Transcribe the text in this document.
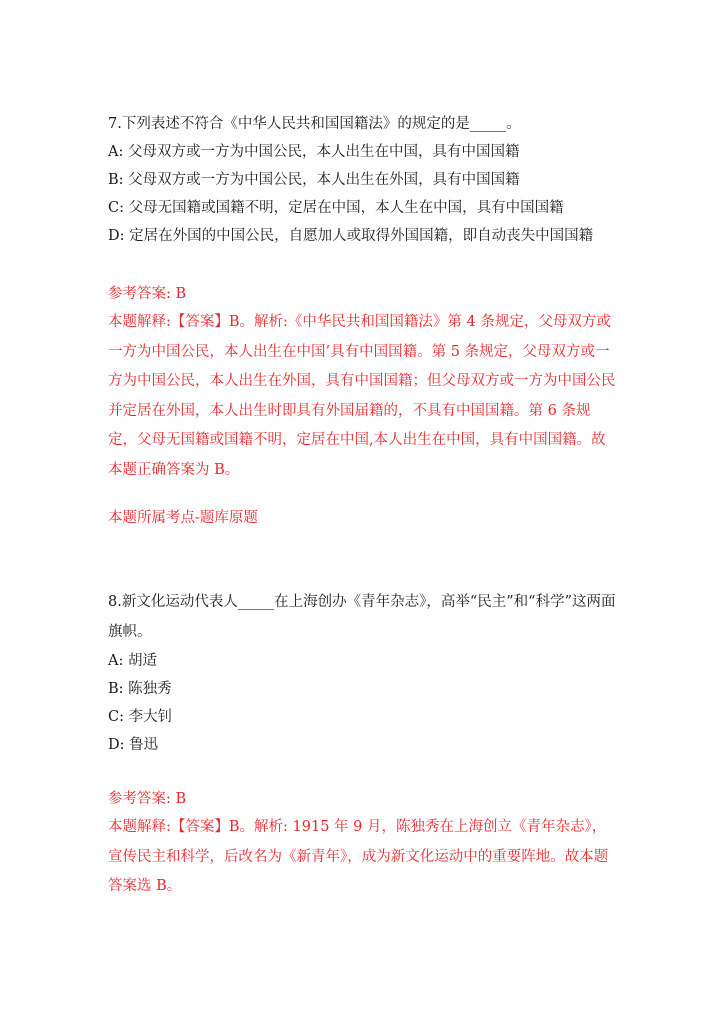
7.下列表述不符合《中华人民共和国国籍法》的规定的是_____。
A: 父母双方或一方为中国公民，本人出生在中国，具有中国国籍
B: 父母双方或一方为中国公民，本人出生在外国，具有中国国籍
C: 父母无国籍或国籍不明，定居在中国，本人生在中国，具有中国国籍
D: 定居在外国的中国公民，自愿加人或取得外国国籍，即自动丧失中国国籍
参考答案: B
本题解释:【答案】B。解析:《中华民共和国国籍法》第 4 条规定，父母双方或一方为中国公民，本人出生在中国’具有中国国籍。第 5 条规定，父母双方或一方为中国公民，本人出生在外国，具有中国国籍；但父母双方或一方为中国公民并定居在外国，本人出生时即具有外国届籍的，不具有中国国籍。第 6 条规定，父母无国籍或国籍不明，定居在中国,本人出生在中国，具有中国国籍。故本题正确答案为 B。
本题所属考点-题库原题
8.新文化运动代表人_____在上海创办《青年杂志》，高举“民主”和“科学”这两面旗帜。
A: 胡适
B: 陈独秀
C: 李大钊
D: 鲁迅
参考答案: B
本题解释:【答案】B。解析: 1915 年 9 月，陈独秀在上海创立《青年杂志》，宣传民主和科学，后改名为《新青年》，成为新文化运动中的重要阵地。故本题答案选 B。
